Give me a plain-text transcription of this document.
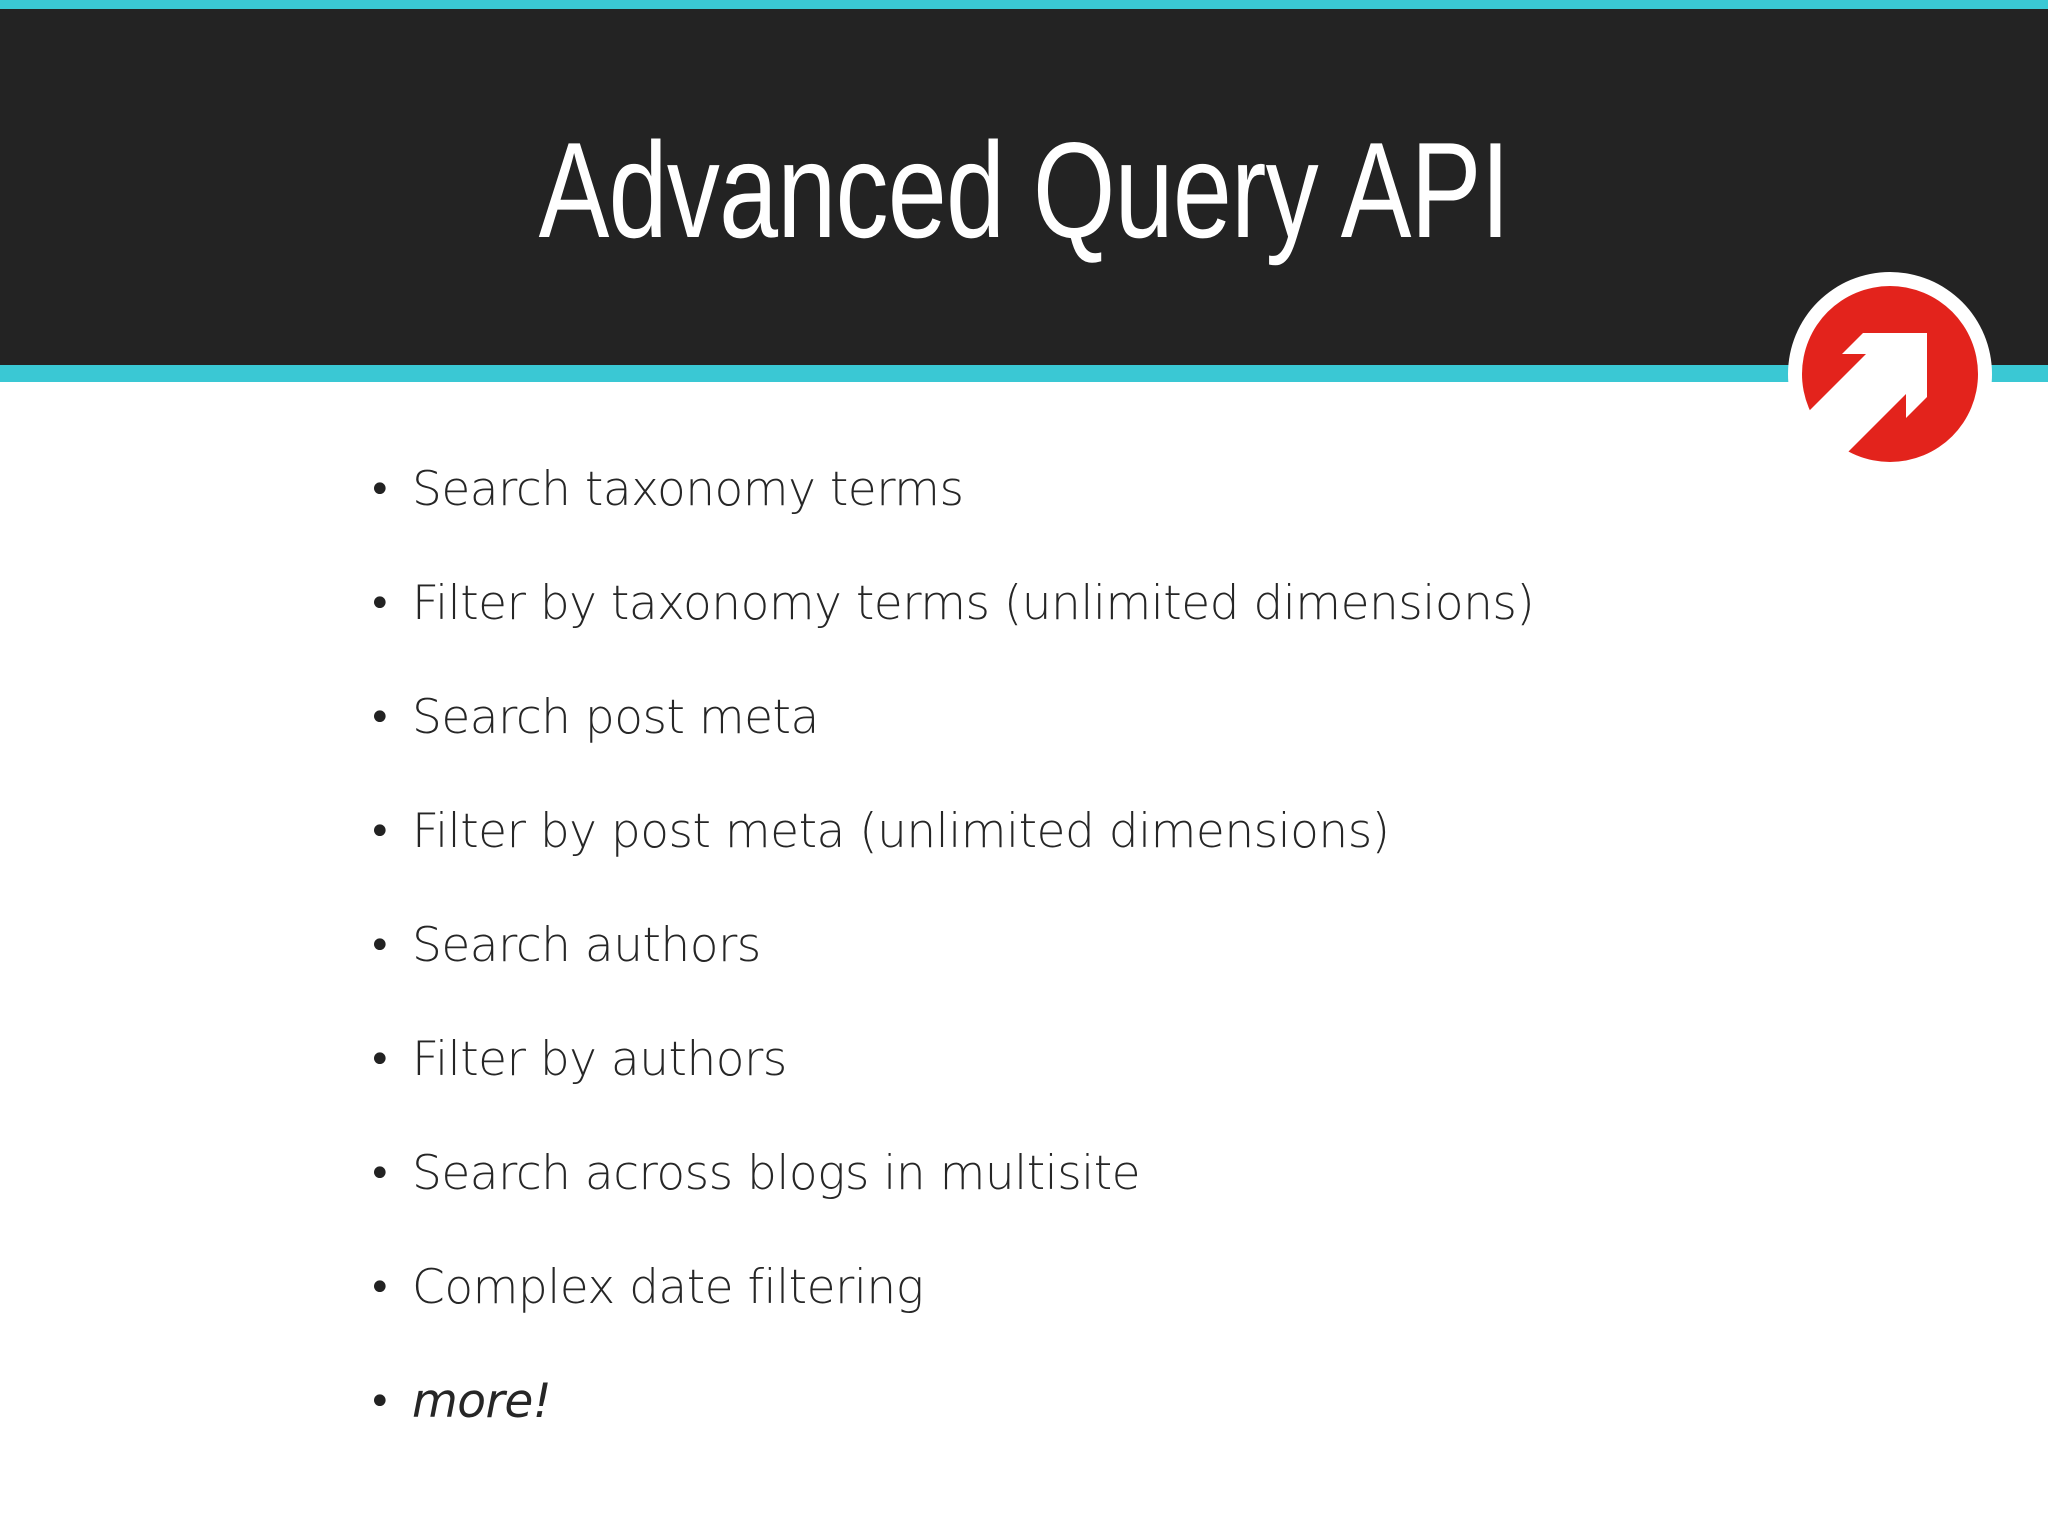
Advanced Query API
• Search taxonomy terms
• Filter by taxonomy terms (unlimited dimensions)
• Search post meta
• Filter by post meta (unlimited dimensions)
• Search authors
• Filter by authors
• Search across blogs in multisite
• Complex date filtering
• more!
